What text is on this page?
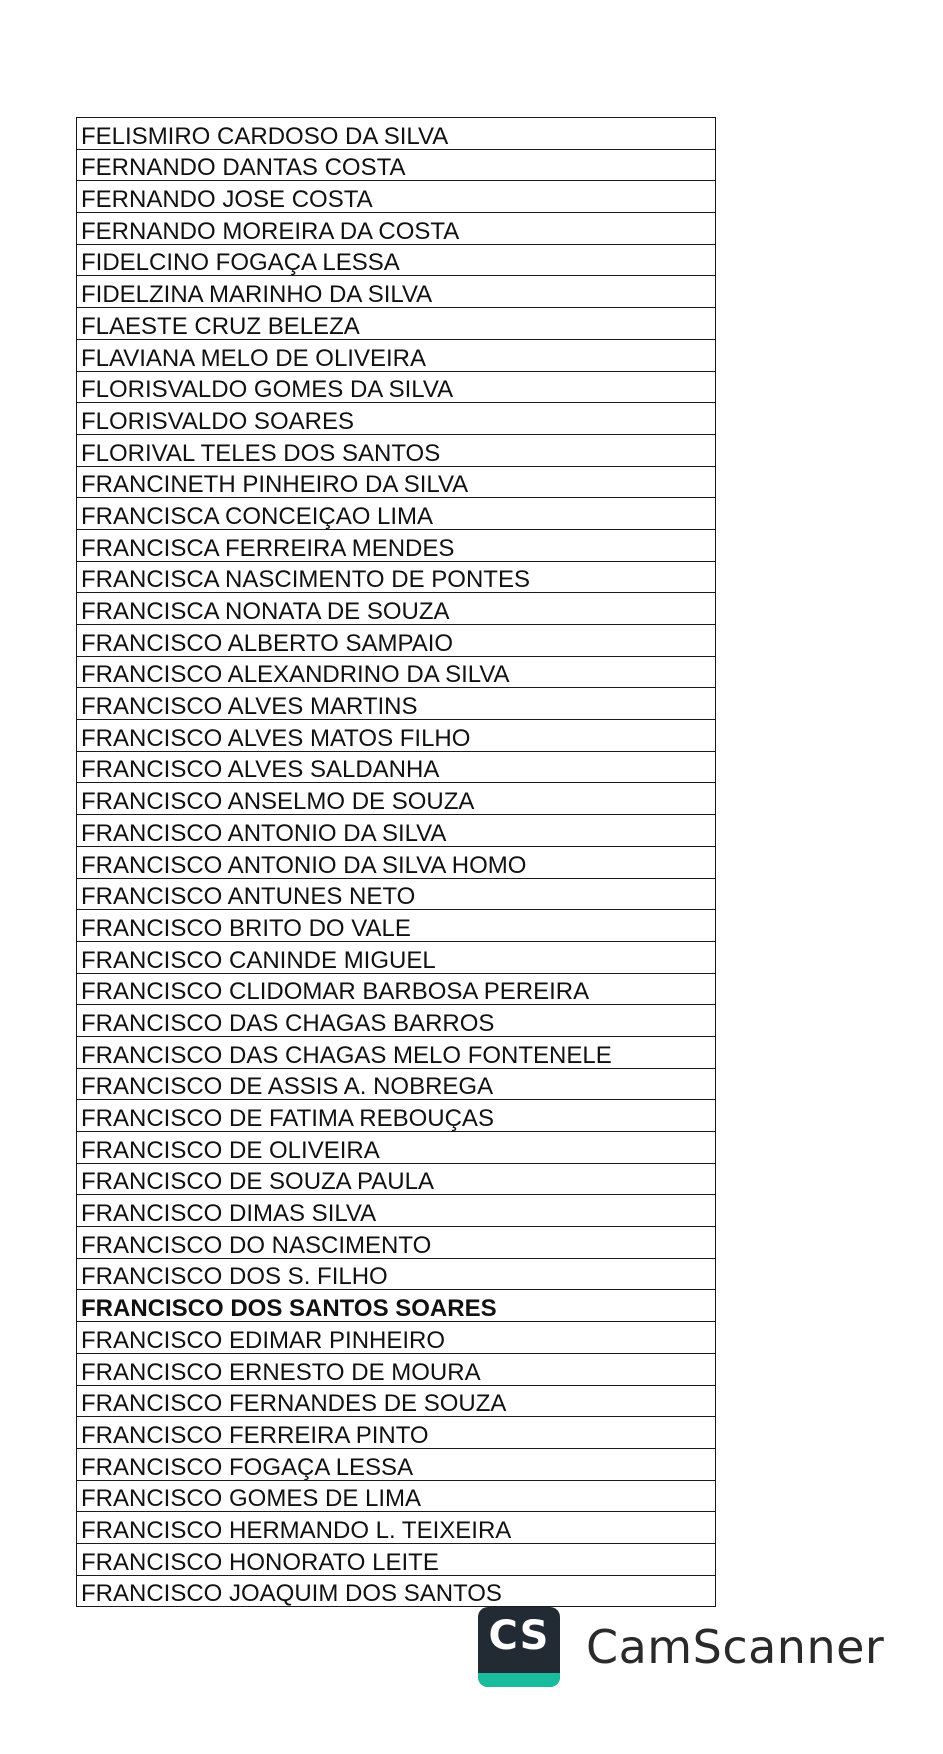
FELISMIRO CARDOSO DA SILVA
FERNANDO DANTAS COSTA
FERNANDO JOSE COSTA
FERNANDO MOREIRA DA COSTA
FIDELCINO FOGAÇA LESSA
FIDELZINA MARINHO DA SILVA
FLAESTE CRUZ BELEZA
FLAVIANA MELO DE OLIVEIRA
FLORISVALDO GOMES DA SILVA
FLORISVALDO SOARES
FLORIVAL TELES DOS SANTOS
FRANCINETH PINHEIRO DA SILVA
FRANCISCA CONCEIÇAO LIMA
FRANCISCA FERREIRA MENDES
FRANCISCA NASCIMENTO DE PONTES
FRANCISCA NONATA DE SOUZA
FRANCISCO ALBERTO SAMPAIO
FRANCISCO ALEXANDRINO DA SILVA
FRANCISCO ALVES MARTINS
FRANCISCO ALVES MATOS FILHO
FRANCISCO ALVES SALDANHA
FRANCISCO ANSELMO DE SOUZA
FRANCISCO ANTONIO DA SILVA
FRANCISCO ANTONIO DA SILVA HOMO
FRANCISCO ANTUNES NETO
FRANCISCO BRITO DO VALE
FRANCISCO CANINDE MIGUEL
FRANCISCO CLIDOMAR BARBOSA PEREIRA
FRANCISCO DAS CHAGAS BARROS
FRANCISCO DAS CHAGAS MELO FONTENELE
FRANCISCO DE ASSIS A. NOBREGA
FRANCISCO DE FATIMA REBOUÇAS
FRANCISCO DE OLIVEIRA
FRANCISCO DE SOUZA PAULA
FRANCISCO DIMAS SILVA
FRANCISCO DO NASCIMENTO
FRANCISCO DOS S. FILHO
FRANCISCO DOS SANTOS SOARES
FRANCISCO EDIMAR PINHEIRO
FRANCISCO ERNESTO DE MOURA
FRANCISCO FERNANDES DE SOUZA
FRANCISCO FERREIRA PINTO
FRANCISCO FOGAÇA LESSA
FRANCISCO GOMES DE LIMA
FRANCISCO HERMANDO L. TEIXEIRA
FRANCISCO HONORATO LEITE
FRANCISCO JOAQUIM DOS SANTOS
CS CamScanner
